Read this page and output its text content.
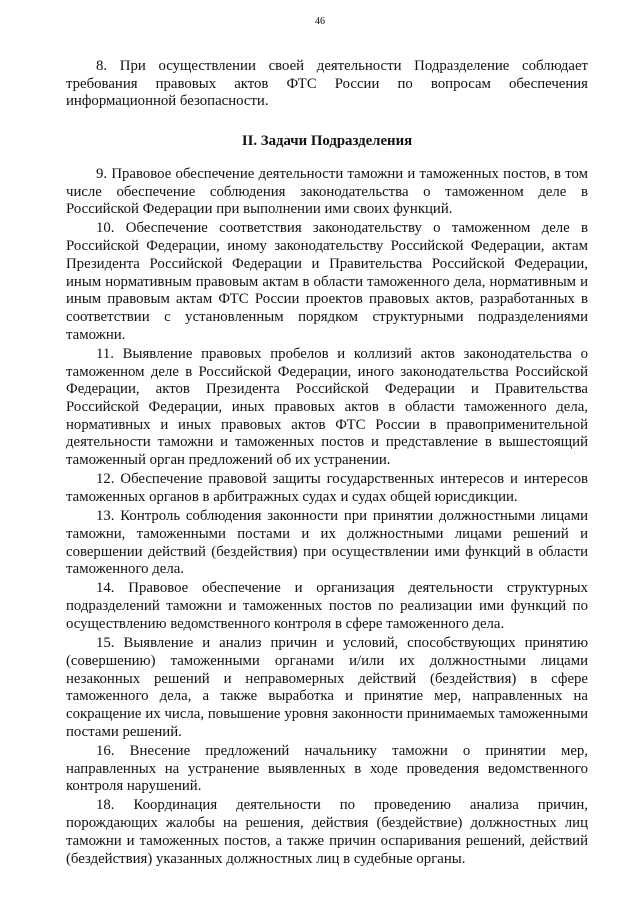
46

8. При осуществлении своей деятельности Подразделение соблюдает требования правовых актов ФТС России по вопросам обеспечения информационной безопасности.

II. Задачи Подразделения

9. Правовое обеспечение деятельности таможни и таможенных постов, в том числе обеспечение соблюдения законодательства о таможенном деле в Российской Федерации при выполнении ими своих функций.

10. Обеспечение соответствия законодательству о таможенном деле в Российской Федерации, иному законодательству Российской Федерации, актам Президента Российской Федерации и Правительства Российской Федерации, иным нормативным правовым актам в области таможенного дела, нормативным и иным правовым актам ФТС России проектов правовых актов, разработанных в соответствии с установленным порядком структурными подразделениями таможни.

11. Выявление правовых пробелов и коллизий актов законодательства о таможенном деле в Российской Федерации, иного законодательства Российской Федерации, актов Президента Российской Федерации и Правительства Российской Федерации, иных правовых актов в области таможенного дела, нормативных и иных правовых актов ФТС России в правоприменительной деятельности таможни и таможенных постов и представление в вышестоящий таможенный орган предложений об их устранении.

12. Обеспечение правовой защиты государственных интересов и интересов таможенных органов в арбитражных судах и судах общей юрисдикции.

13. Контроль соблюдения законности при принятии должностными лицами таможни, таможенными постами и их должностными лицами решений и совершении действий (бездействия) при осуществлении ими функций в области таможенного дела.

14. Правовое обеспечение и организация деятельности структурных подразделений таможни и таможенных постов по реализации ими функций по осуществлению ведомственного контроля в сфере таможенного дела.

15. Выявление и анализ причин и условий, способствующих принятию (совершению) таможенными органами и/или их должностными лицами незаконных решений и неправомерных действий (бездействия) в сфере таможенного дела, а также выработка и принятие мер, направленных на сокращение их числа, повышение уровня законности принимаемых таможенными постами решений.

16. Внесение предложений начальнику таможни о принятии мер, направленных на устранение выявленных в ходе проведения ведомственного контроля нарушений.

18. Координация деятельности по проведению анализа причин, порождающих жалобы на решения, действия (бездействие) должностных лиц таможни и таможенных постов, а также причин оспаривания решений, действий (бездействия) указанных должностных лиц в судебные органы.
